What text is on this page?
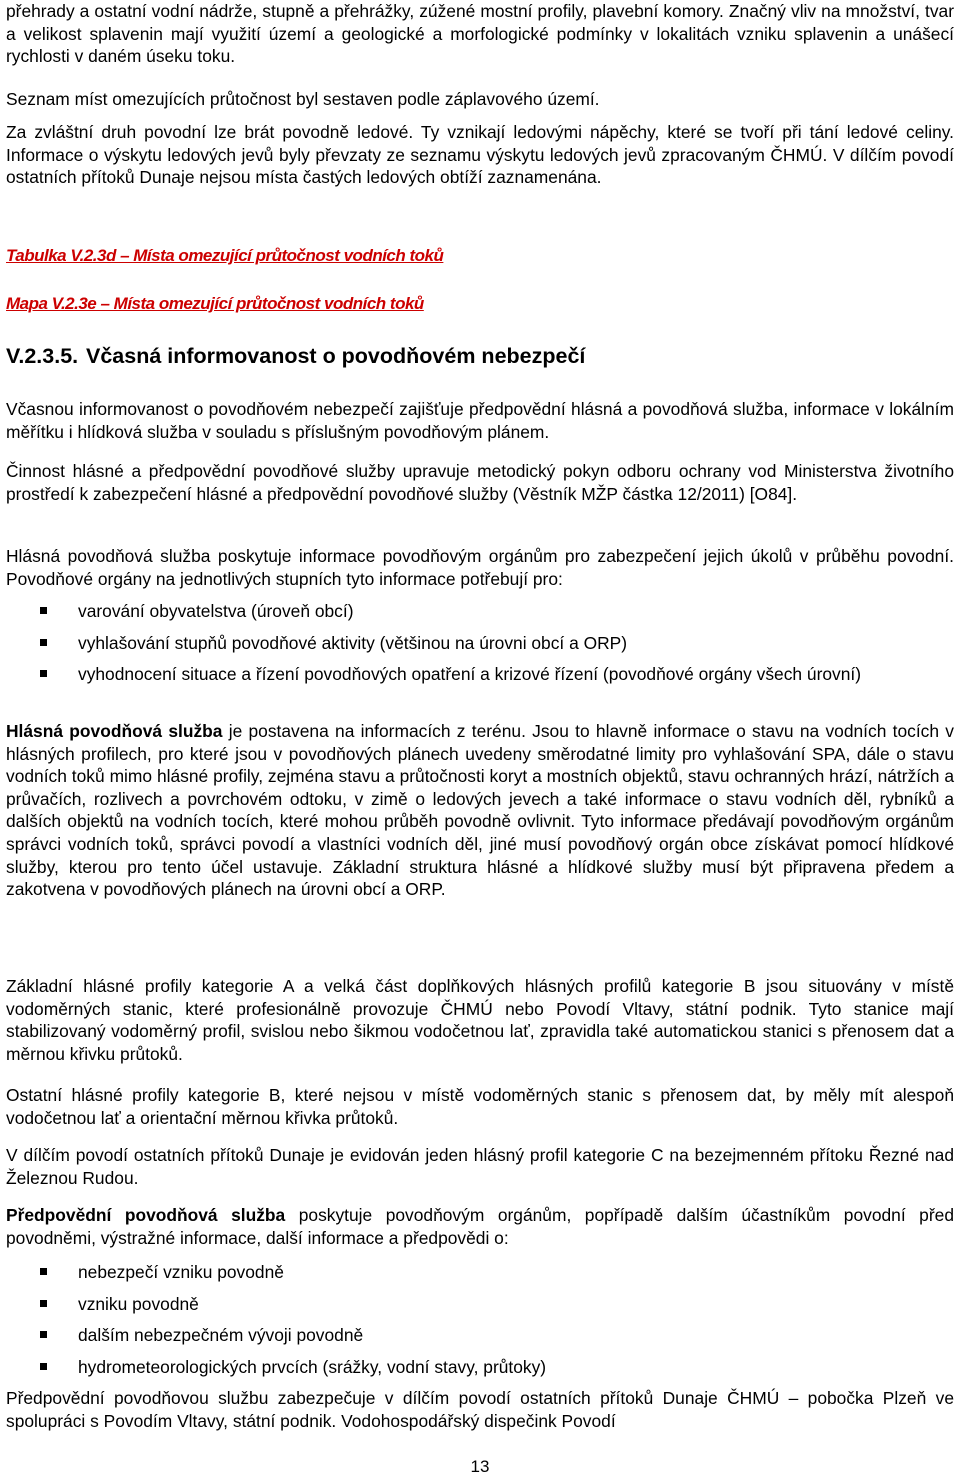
přehrady a ostatní vodní nádrže, stupně a přehrážky, zúžené mostní profily, plavební komory. Značný vliv na množství, tvar a velikost splavenin mají využití území a geologické a morfologické podmínky v lokalitách vzniku splavenin a unášecí rychlosti v daném úseku toku.

Seznam míst omezujících průtočnost byl sestaven podle záplavového území.

Za zvláštní druh povodní lze brát povodně ledové. Ty vznikají ledovými nápěchy, které se tvoří při tání ledové celiny. Informace o výskytu ledových jevů byly převzaty ze seznamu výskytu ledových jevů zpracovaným ČHMÚ. V dílčím povodí ostatních přítoků Dunaje nejsou místa častých ledových obtíží zaznamenána.

Tabulka V.2.3d – Místa omezující průtočnost vodních toků
Mapa V.2.3e – Místa omezující průtočnost vodních toků
V.2.3.5. Včasná informovanost o povodňovém nebezpečí

Včasnou informovanost o povodňovém nebezpečí zajišťuje předpovědní hlásná a povodňová služba, informace v lokálním měřítku i hlídková služba v souladu s příslušným povodňovým plánem.

Činnost hlásné a předpovědní povodňové služby upravuje metodický pokyn odboru ochrany vod Ministerstva životního prostředí k zabezpečení hlásné a předpovědní povodňové služby (Věstník MŽP částka 12/2011) [O84].

Hlásná povodňová služba poskytuje informace povodňovým orgánům pro zabezpečení jejich úkolů v průběhu povodní. Povodňové orgány na jednotlivých stupních tyto informace potřebují pro:

varování obyvatelstva (úroveň obcí)
vyhlašování stupňů povodňové aktivity (většinou na úrovni obcí a ORP)
vyhodnocení situace a řízení povodňových opatření a krizové řízení (povodňové orgány všech úrovní)

Hlásná povodňová služba je postavena na informacích z terénu. Jsou to hlavně informace o stavu na vodních tocích v hlásných profilech, pro které jsou v povodňových plánech uvedeny směrodatné limity pro vyhlašování SPA, dále o stavu vodních toků mimo hlásné profily, zejména stavu a průtočnosti koryt a mostních objektů, stavu ochranných hrází, nátržích a průvačích, rozlivech a povrchovém odtoku, v zimě o ledových jevech a také informace o stavu vodních děl, rybníků a dalších objektů na vodních tocích, které mohou průběh povodně ovlivnit. Tyto informace předávají povodňovým orgánům správci vodních toků, správci povodí a vlastníci vodních děl, jiné musí povodňový orgán obce získávat pomocí hlídkové služby, kterou pro tento účel ustavuje. Základní struktura hlásné a hlídkové služby musí být připravena předem a zakotvena v povodňových plánech na úrovni obcí a ORP.

Základní hlásné profily kategorie A a velká část doplňkových hlásných profilů kategorie B jsou situovány v místě vodoměrných stanic, které profesionálně provozuje ČHMÚ nebo Povodí Vltavy, státní podnik. Tyto stanice mají stabilizovaný vodoměrný profil, svislou nebo šikmou vodočetnou lať, zpravidla také automatickou stanici s přenosem dat a měrnou křivku průtoků.

Ostatní hlásné profily kategorie B, které nejsou v místě vodoměrných stanic s přenosem dat, by měly mít alespoň vodočetnou lať a orientační měrnou křivka průtoků.

V dílčím povodí ostatních přítoků Dunaje je evidován jeden hlásný profil kategorie C na bezejmenném přítoku Řezné nad Železnou Rudou.

Předpovědní povodňová služba poskytuje povodňovým orgánům, popřípadě dalším účastníkům povodní před povodněmi, výstražné informace, další informace a předpovědi o:

nebezpečí vzniku povodně
vzniku povodně
dalším nebezpečném vývoji povodně
hydrometeorologických prvcích (srážky, vodní stavy, průtoky)

Předpovědní povodňovou službu zabezpečuje v dílčím povodí ostatních přítoků Dunaje ČHMÚ – pobočka Plzeň ve spolupráci s Povodím Vltavy, státní podnik. Vodohospodářský dispečink Povodí

13
